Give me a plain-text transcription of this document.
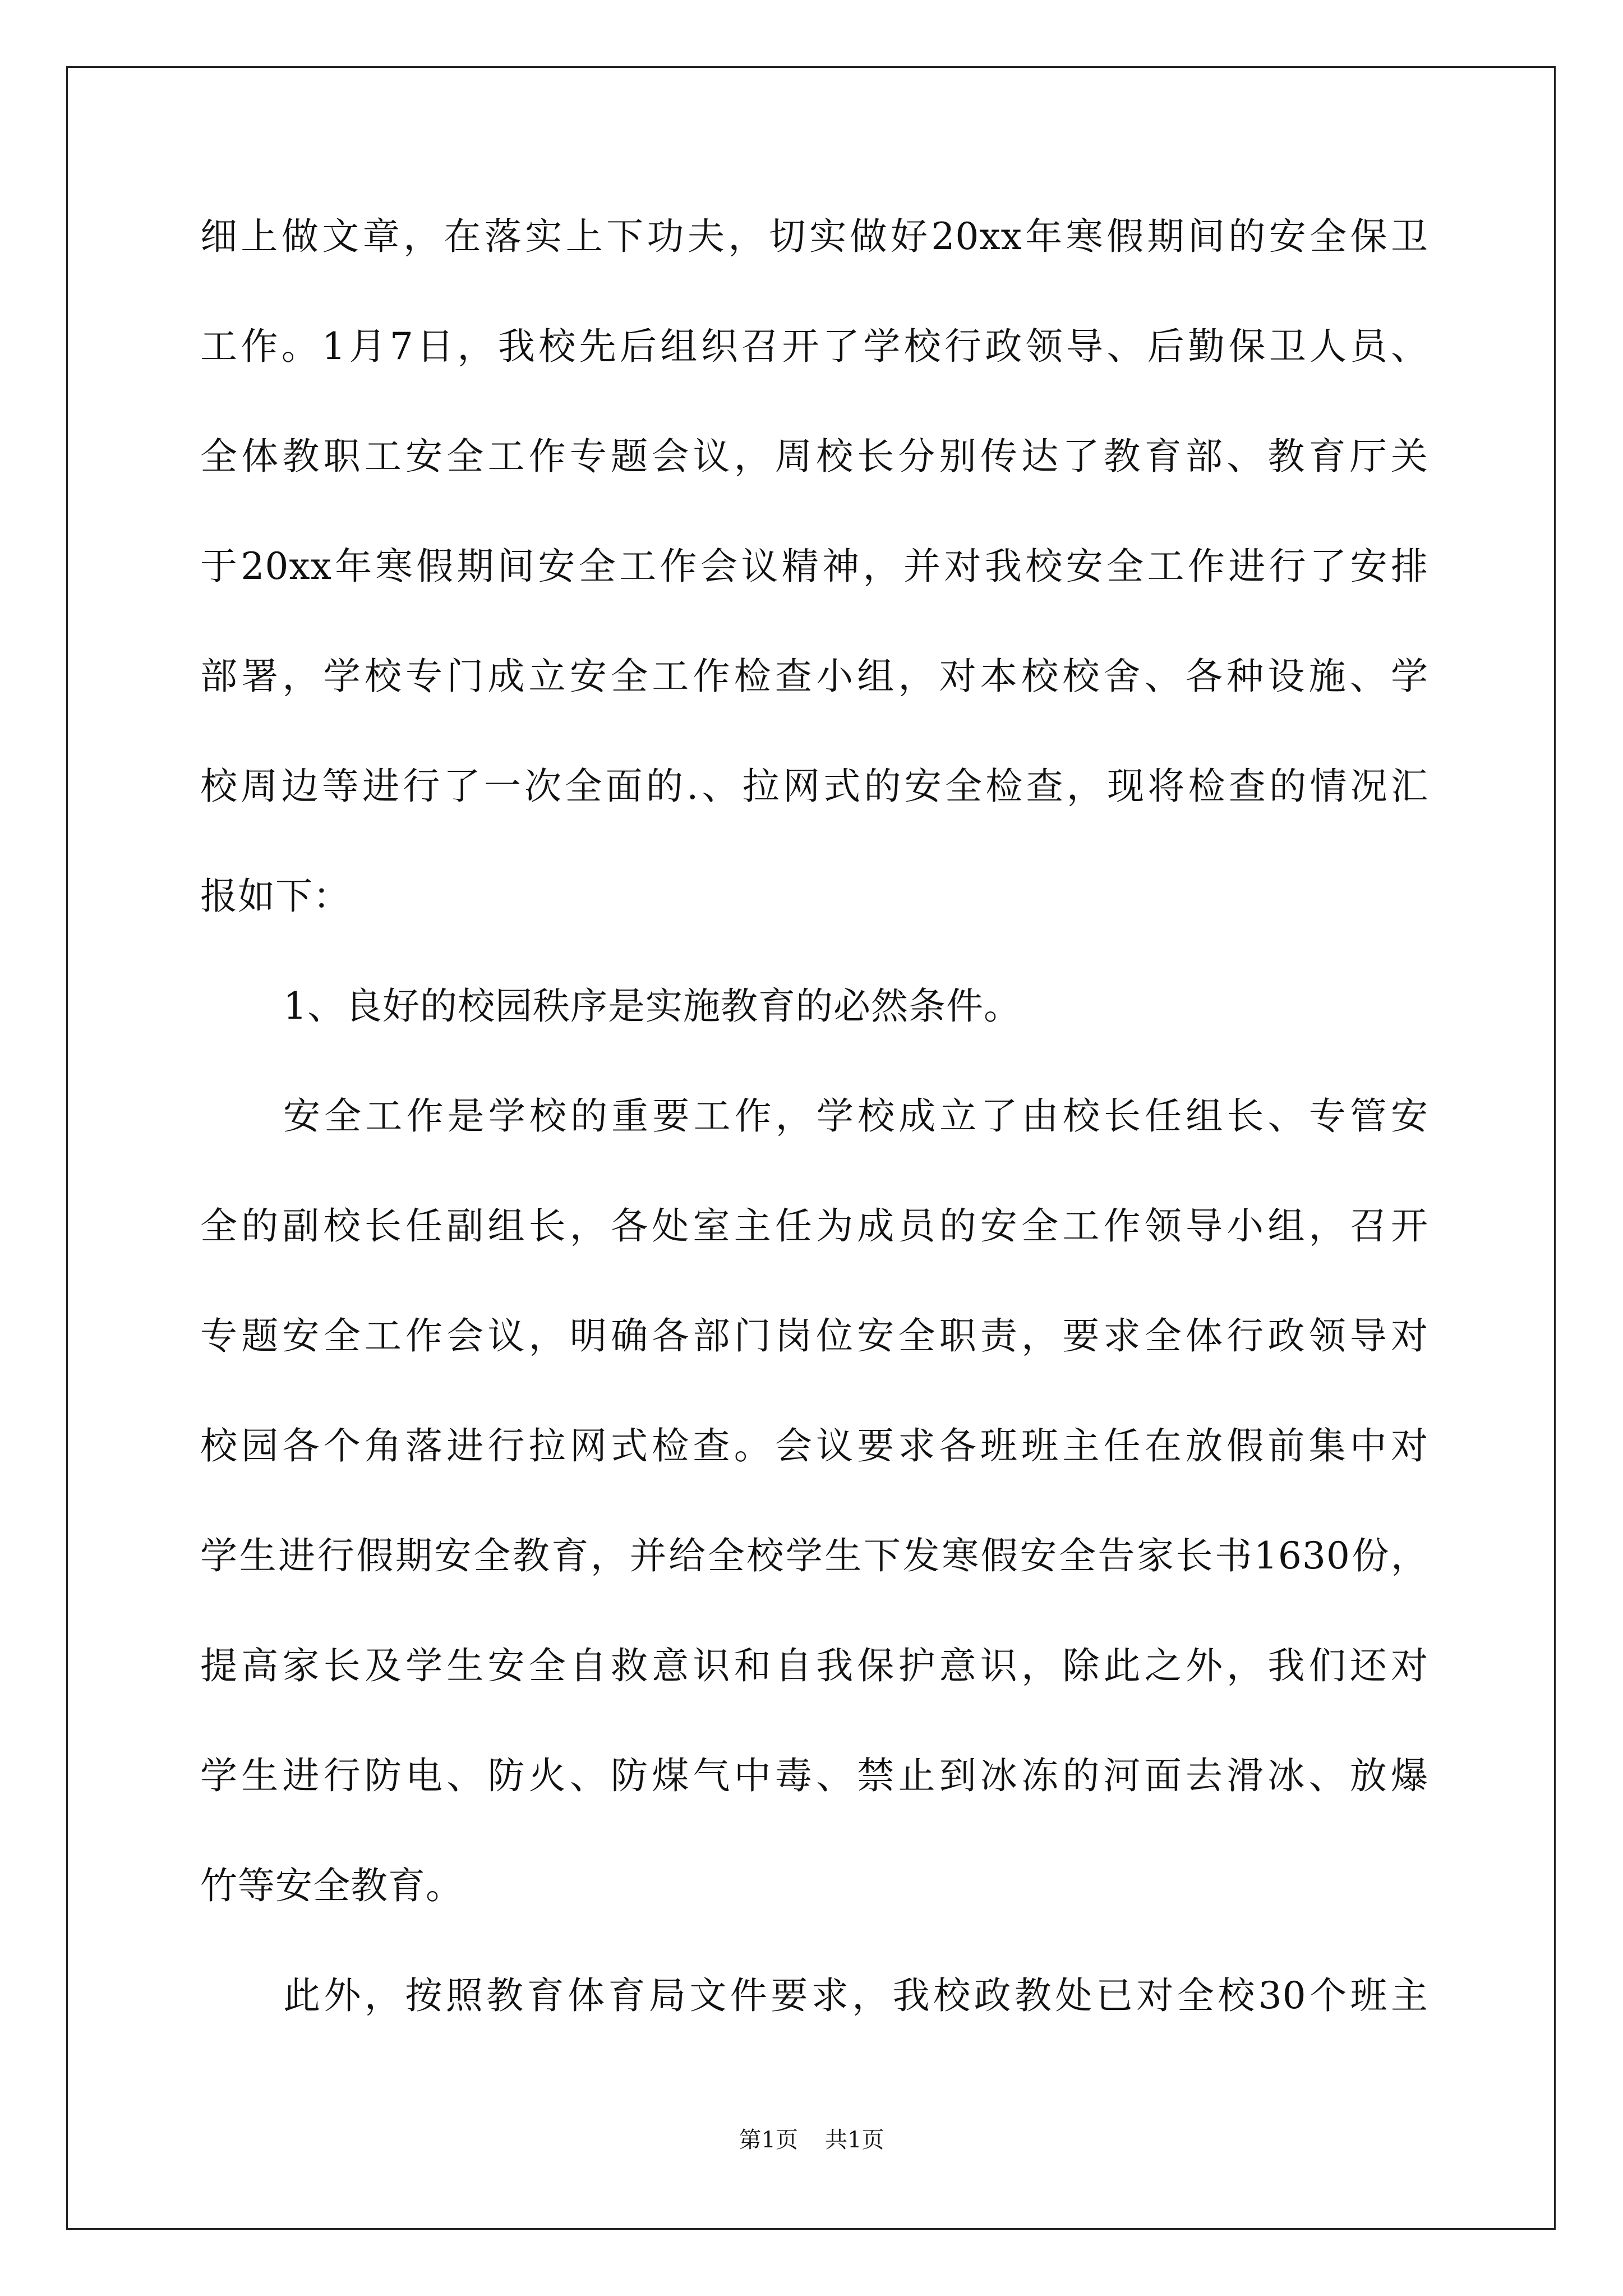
细上做文章，在落实上下功夫，切实做好20xx年寒假期间的安全保卫
工作。1月7日，我校先后组织召开了学校行政领导、后勤保卫人员、
全体教职工安全工作专题会议，周校长分别传达了教育部、教育厅关
于20xx年寒假期间安全工作会议精神，并对我校安全工作进行了安排
部署，学校专门成立安全工作检查小组，对本校校舍、各种设施、学
校周边等进行了一次全面的.、拉网式的安全检查，现将检查的情况汇
报如下：
1、良好的校园秩序是实施教育的必然条件。
安全工作是学校的重要工作，学校成立了由校长任组长、专管安
全的副校长任副组长，各处室主任为成员的安全工作领导小组，召开
专题安全工作会议，明确各部门岗位安全职责，要求全体行政领导对
校园各个角落进行拉网式检查。会议要求各班班主任在放假前集中对
学生进行假期安全教育，并给全校学生下发寒假安全告家长书1630份，
提高家长及学生安全自救意识和自我保护意识，除此之外，我们还对
学生进行防电、防火、防煤气中毒、禁止到冰冻的河面去滑冰、放爆
竹等安全教育。
此外，按照教育体育局文件要求，我校政教处已对全校30个班主
第1页 共1页
